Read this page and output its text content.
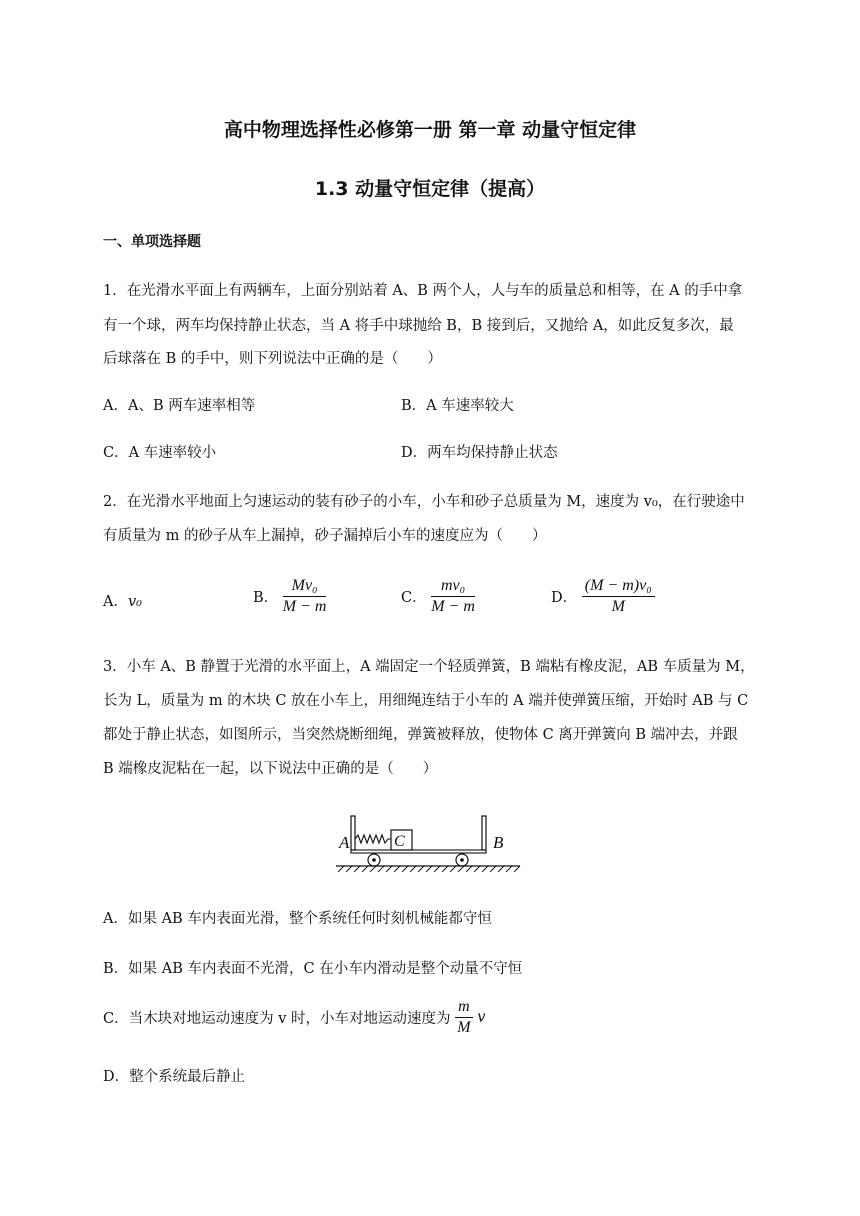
高中物理选择性必修第一册 第一章 动量守恒定律
1.3 动量守恒定律（提高）
一、单项选择题
1．在光滑水平面上有两辆车，上面分别站着 A、B 两个人，人与车的质量总和相等，在 A 的手中拿
有一个球，两车均保持静止状态，当 A 将手中球抛给 B，B 接到后，又抛给 A，如此反复多次，最
后球落在 B 的手中，则下列说法中正确的是（　　）
A．A、B 两车速率相等	B．A 车速率较大
C．A 车速率较小	D．两车均保持静止状态
2．在光滑水平地面上匀速运动的装有砂子的小车，小车和砂子总质量为 M，速度为 v₀，在行驶途中
有质量为 m 的砂子从车上漏掉，砂子漏掉后小车的速度应为（　　）
A．v₀	B． $\frac{\text{Mv₀}}{M - m}$	C． $\frac{\text{mv₀}}{M - m}$	D． $\frac{\text{(M − m)v₀}}{M}$
3．小车 A、B 静置于光滑的水平面上，A 端固定一个轻质弹簧，B 端粘有橡皮泥，AB 车质量为 M，
长为 L，质量为 m 的木块 C 放在小车上，用细绳连结于小车的 A 端并使弹簧压缩，开始时 AB 与 C
都处于静止状态，如图所示，当突然烧断细绳，弹簧被释放，使物体 C 离开弹簧向 B 端冲去，并跟
B 端橡皮泥粘在一起，以下说法中正确的是（　　）
A	C	B
A．如果 AB 车内表面光滑，整个系统任何时刻机械能都守恒
B．如果 AB 车内表面不光滑，C 在小车内滑动是整个动量不守恒
C．当木块对地运动速度为 v 时，小车对地运动速度为 $\frac{m}{M}$ v
D．整个系统最后静止
